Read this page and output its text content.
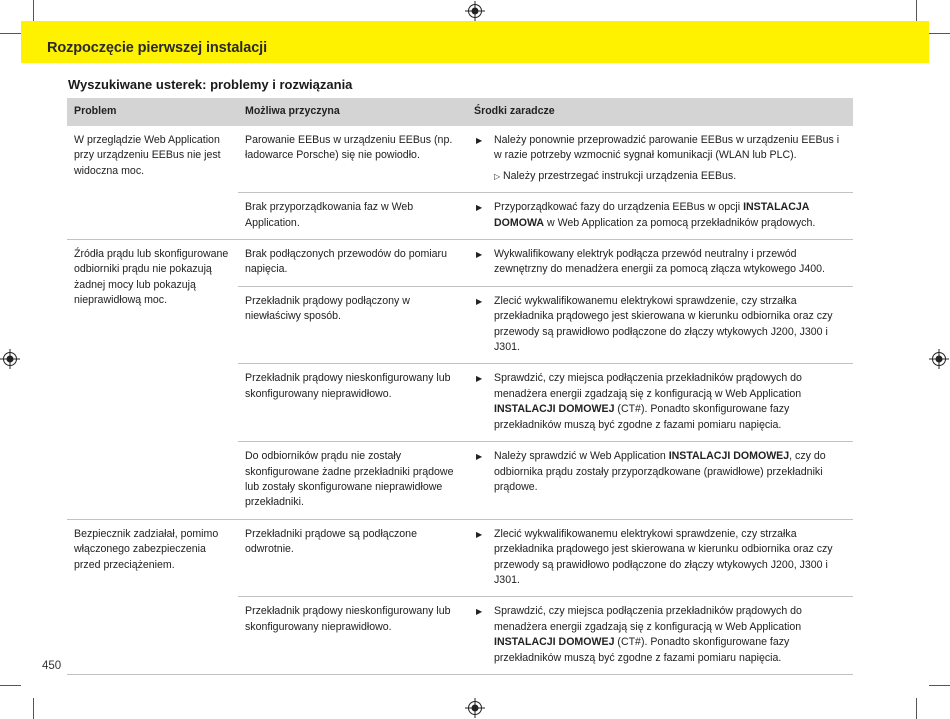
Rozpoczęcie pierwszej instalacji
Wyszukiwane usterek: problemy i rozwiązania
Problem	Możliwa przyczyna	Środki zaradcze
W przeglądzie Web Application przy urządzeniu EEBus nie jest widoczna moc.	Parowanie EEBus w urządzeniu EEBus (np. ładowarce Porsche) się nie powiodło.	▶ Należy ponownie przeprowadzić parowanie EEBus w urządzeniu EEBus i w razie potrzeby wzmocnić sygnał komunikacji (WLAN lub PLC).
▷ Należy przestrzegać instrukcji urządzenia EEBus.

	Brak przyporządkowania faz w Web Application.	▶ Przyporządkować fazy do urządzenia EEBus w opcji INSTALACJA DOMOWA w Web Application za pomocą przekładników prądowych.

Źródła prądu lub skonfigurowane odbiorniki prądu nie pokazują żadnej mocy lub pokazują nieprawidłową moc.	Brak podłączonych przewodów do pomiaru napięcia.	▶ Wykwalifikowany elektryk podłącza przewód neutralny i przewód zewnętrzny do menadżera energii za pomocą złącza wtykowego J400.

	Przekładnik prądowy podłączony w niewłaściwy sposób.	▶ Zlecić wykwalifikowanemu elektrykowi sprawdzenie, czy strzałka przekładnika prądowego jest skierowana w kierunku odbiornika oraz czy przewody są prawidłowo podłączone do złączy wtykowych J200, J300 i J301.

	Przekładnik prądowy nieskonfigurowany lub skonfigurowany nieprawidłowo.	▶ Sprawdzić, czy miejsca podłączenia przekładników prądowych do menadżera energii zgadzają się z konfiguracją w Web Application INSTALACJI DOMOWEJ (CT#). Ponadto skonfigurowane fazy przekładników muszą być zgodne z fazami pomiaru napięcia.

	Do odbiorników prądu nie zostały skonfigurowane żadne przekładniki prądowe lub zostały skonfigurowane nieprawidłowe przekładniki.	▶ Należy sprawdzić w Web Application INSTALACJI DOMOWEJ, czy do odbiornika prądu zostały przyporządkowane (prawidłowe) przekładniki prądowe.

Bezpiecznik zadziałał, pomimo włączonego zabezpieczenia przed przeciążeniem.	Przekładniki prądowe są podłączone odwrotnie.	▶ Zlecić wykwalifikowanemu elektrykowi sprawdzenie, czy strzałka przekładnika prądowego jest skierowana w kierunku odbiornika oraz czy przewody są prawidłowo podłączone do złączy wtykowych J200, J300 i J301.

	Przekładnik prądowy nieskonfigurowany lub skonfigurowany nieprawidłowo.	▶ Sprawdzić, czy miejsca podłączenia przekładników prądowych do menadżera energii zgadzają się z konfiguracją w Web Application INSTALACJI DOMOWEJ (CT#). Ponadto skonfigurowane fazy przekładników muszą być zgodne z fazami pomiaru napięcia.
450
